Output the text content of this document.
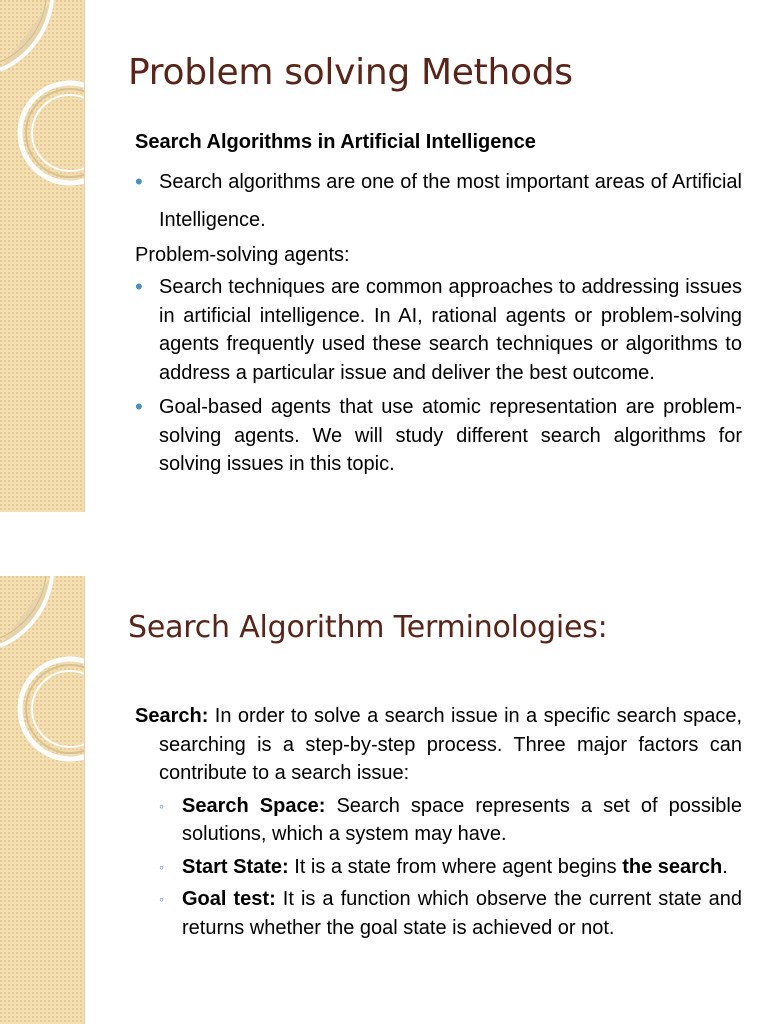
Problem solving Methods

Search Algorithms in Artificial Intelligence

• Search algorithms are one of the most important areas of Artificial Intelligence.

Problem-solving agents:

• Search techniques are common approaches to addressing issues in artificial intelligence. In AI, rational agents or problem-solving agents frequently used these search techniques or algorithms to address a particular issue and deliver the best outcome.

• Goal-based agents that use atomic representation are problem-solving agents. We will study different search algorithms for solving issues in this topic.

Search Algorithm Terminologies:

Search: In order to solve a search issue in a specific search space, searching is a step-by-step process. Three major factors can contribute to a search issue:

◦ Search Space: Search space represents a set of possible solutions, which a system may have.

◦ Start State: It is a state from where agent begins the search.

◦ Goal test: It is a function which observe the current state and returns whether the goal state is achieved or not.
